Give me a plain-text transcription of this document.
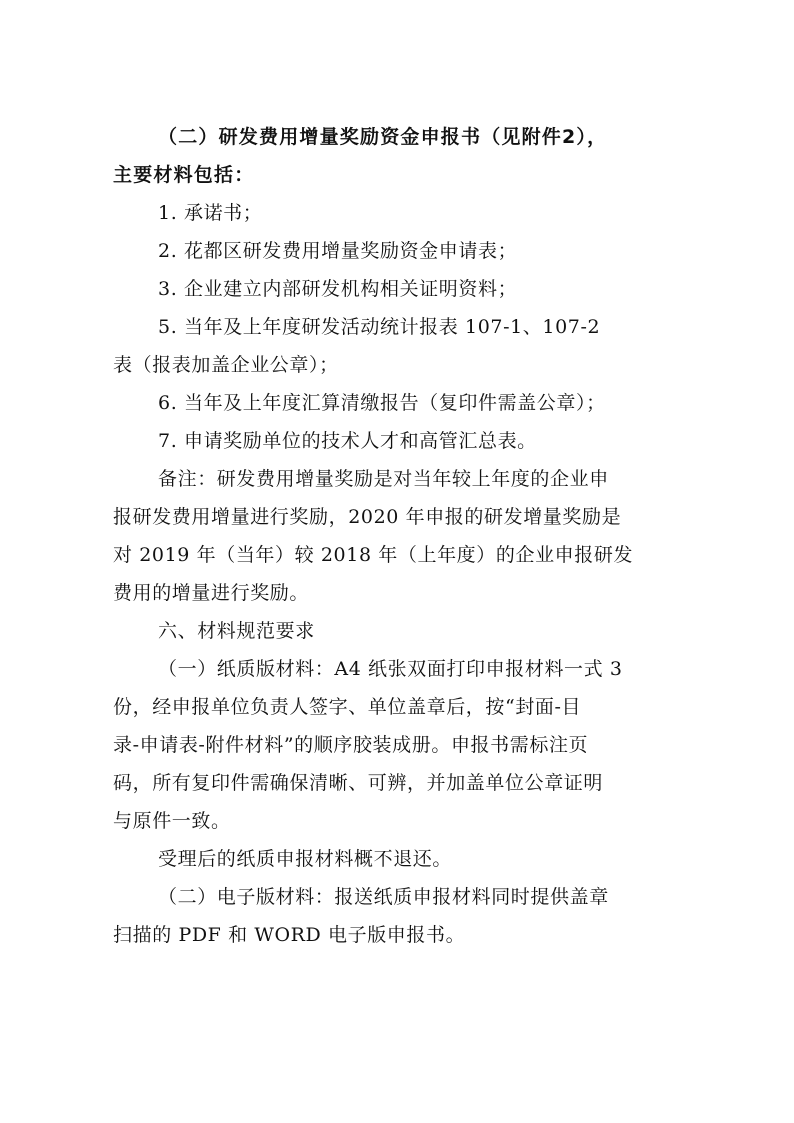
（二）研发费用增量奖励资金申报书（见附件2），
主要材料包括：
1. 承诺书；
2. 花都区研发费用增量奖励资金申请表；
3. 企业建立内部研发机构相关证明资料；
5. 当年及上年度研发活动统计报表 107-1、107-2
表（报表加盖企业公章）；
6. 当年及上年度汇算清缴报告（复印件需盖公章）；
7. 申请奖励单位的技术人才和高管汇总表。
备注：研发费用增量奖励是对当年较上年度的企业申
报研发费用增量进行奖励，2020 年申报的研发增量奖励是
对 2019 年（当年）较 2018 年（上年度）的企业申报研发
费用的增量进行奖励。
六、材料规范要求
（一）纸质版材料：A4 纸张双面打印申报材料一式 3
份，经申报单位负责人签字、单位盖章后，按“封面-目
录-申请表-附件材料”的顺序胶装成册。申报书需标注页
码，所有复印件需确保清晰、可辨，并加盖单位公章证明
与原件一致。
受理后的纸质申报材料概不退还。
（二）电子版材料：报送纸质申报材料同时提供盖章
扫描的 PDF 和 WORD 电子版申报书。
